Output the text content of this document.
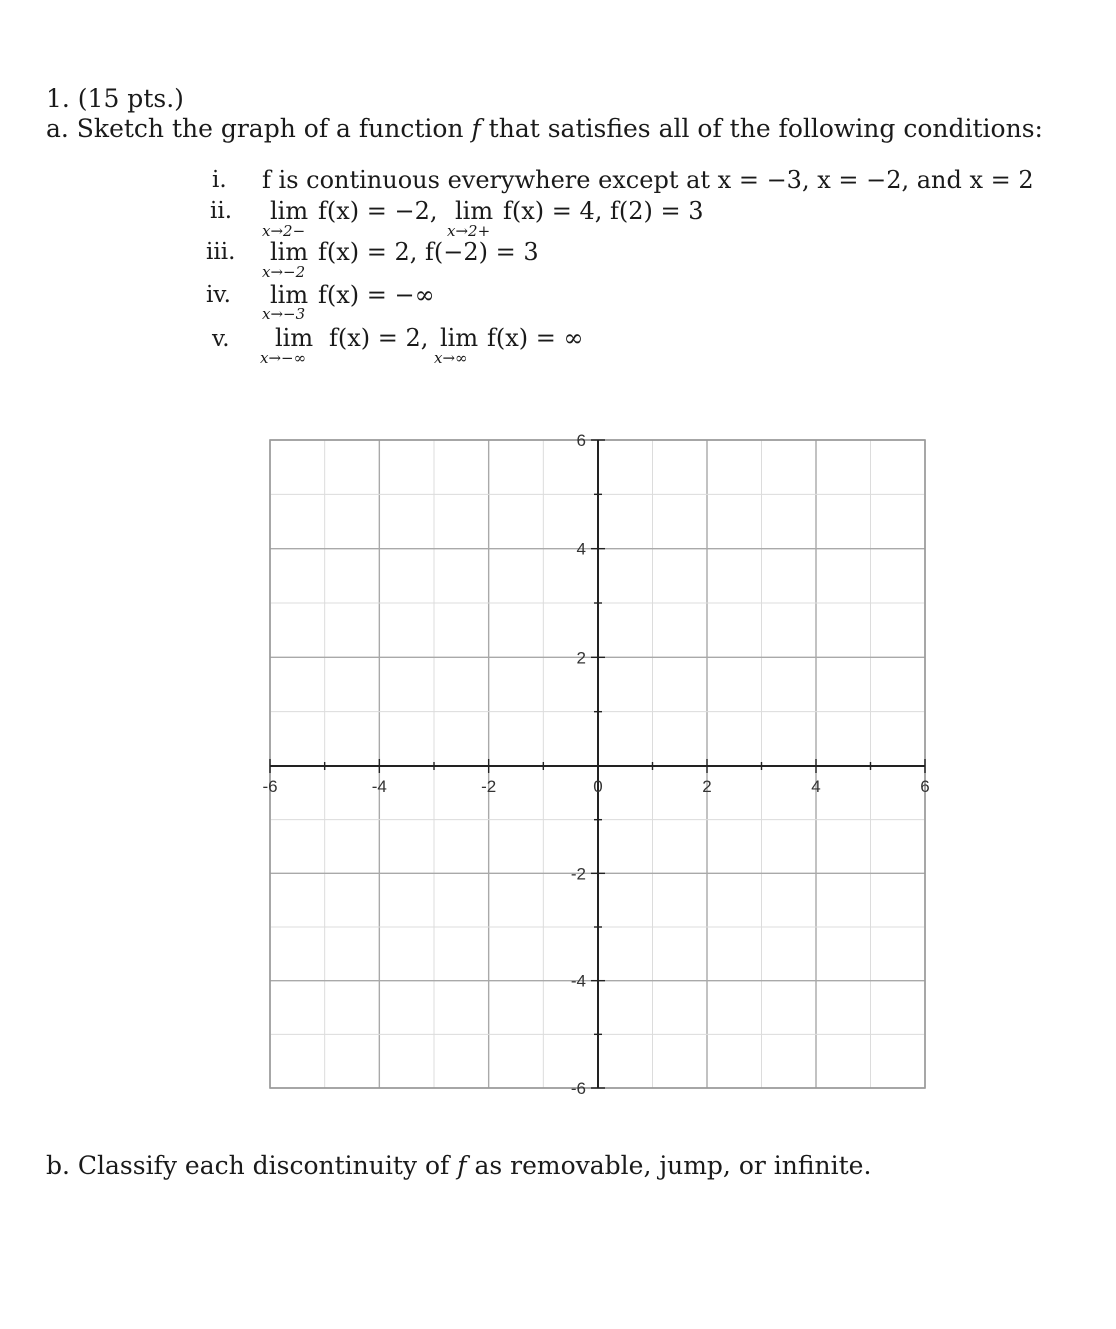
1. (15 pts.)
a. Sketch the graph of a function f that satisfies all of the following conditions:
i. f is continuous everywhere except at x = −3, x = −2, and x = 2
ii. lim
x→2−
f(x) = −2, lim
x→2+
f(x) = 4, f(2) = 3
iii. lim
x→−2
f(x) = 2, f(−2) = 3
iv. lim
x→−3
f(x) = −∞
v. lim
x→−∞
f(x) = 2, lim
x→∞
f(x) = ∞
-6	-4	-2	0	2	4	6
6
4
2
-2
-4
-6
b. Classify each discontinuity of f as removable, jump, or infinite.
